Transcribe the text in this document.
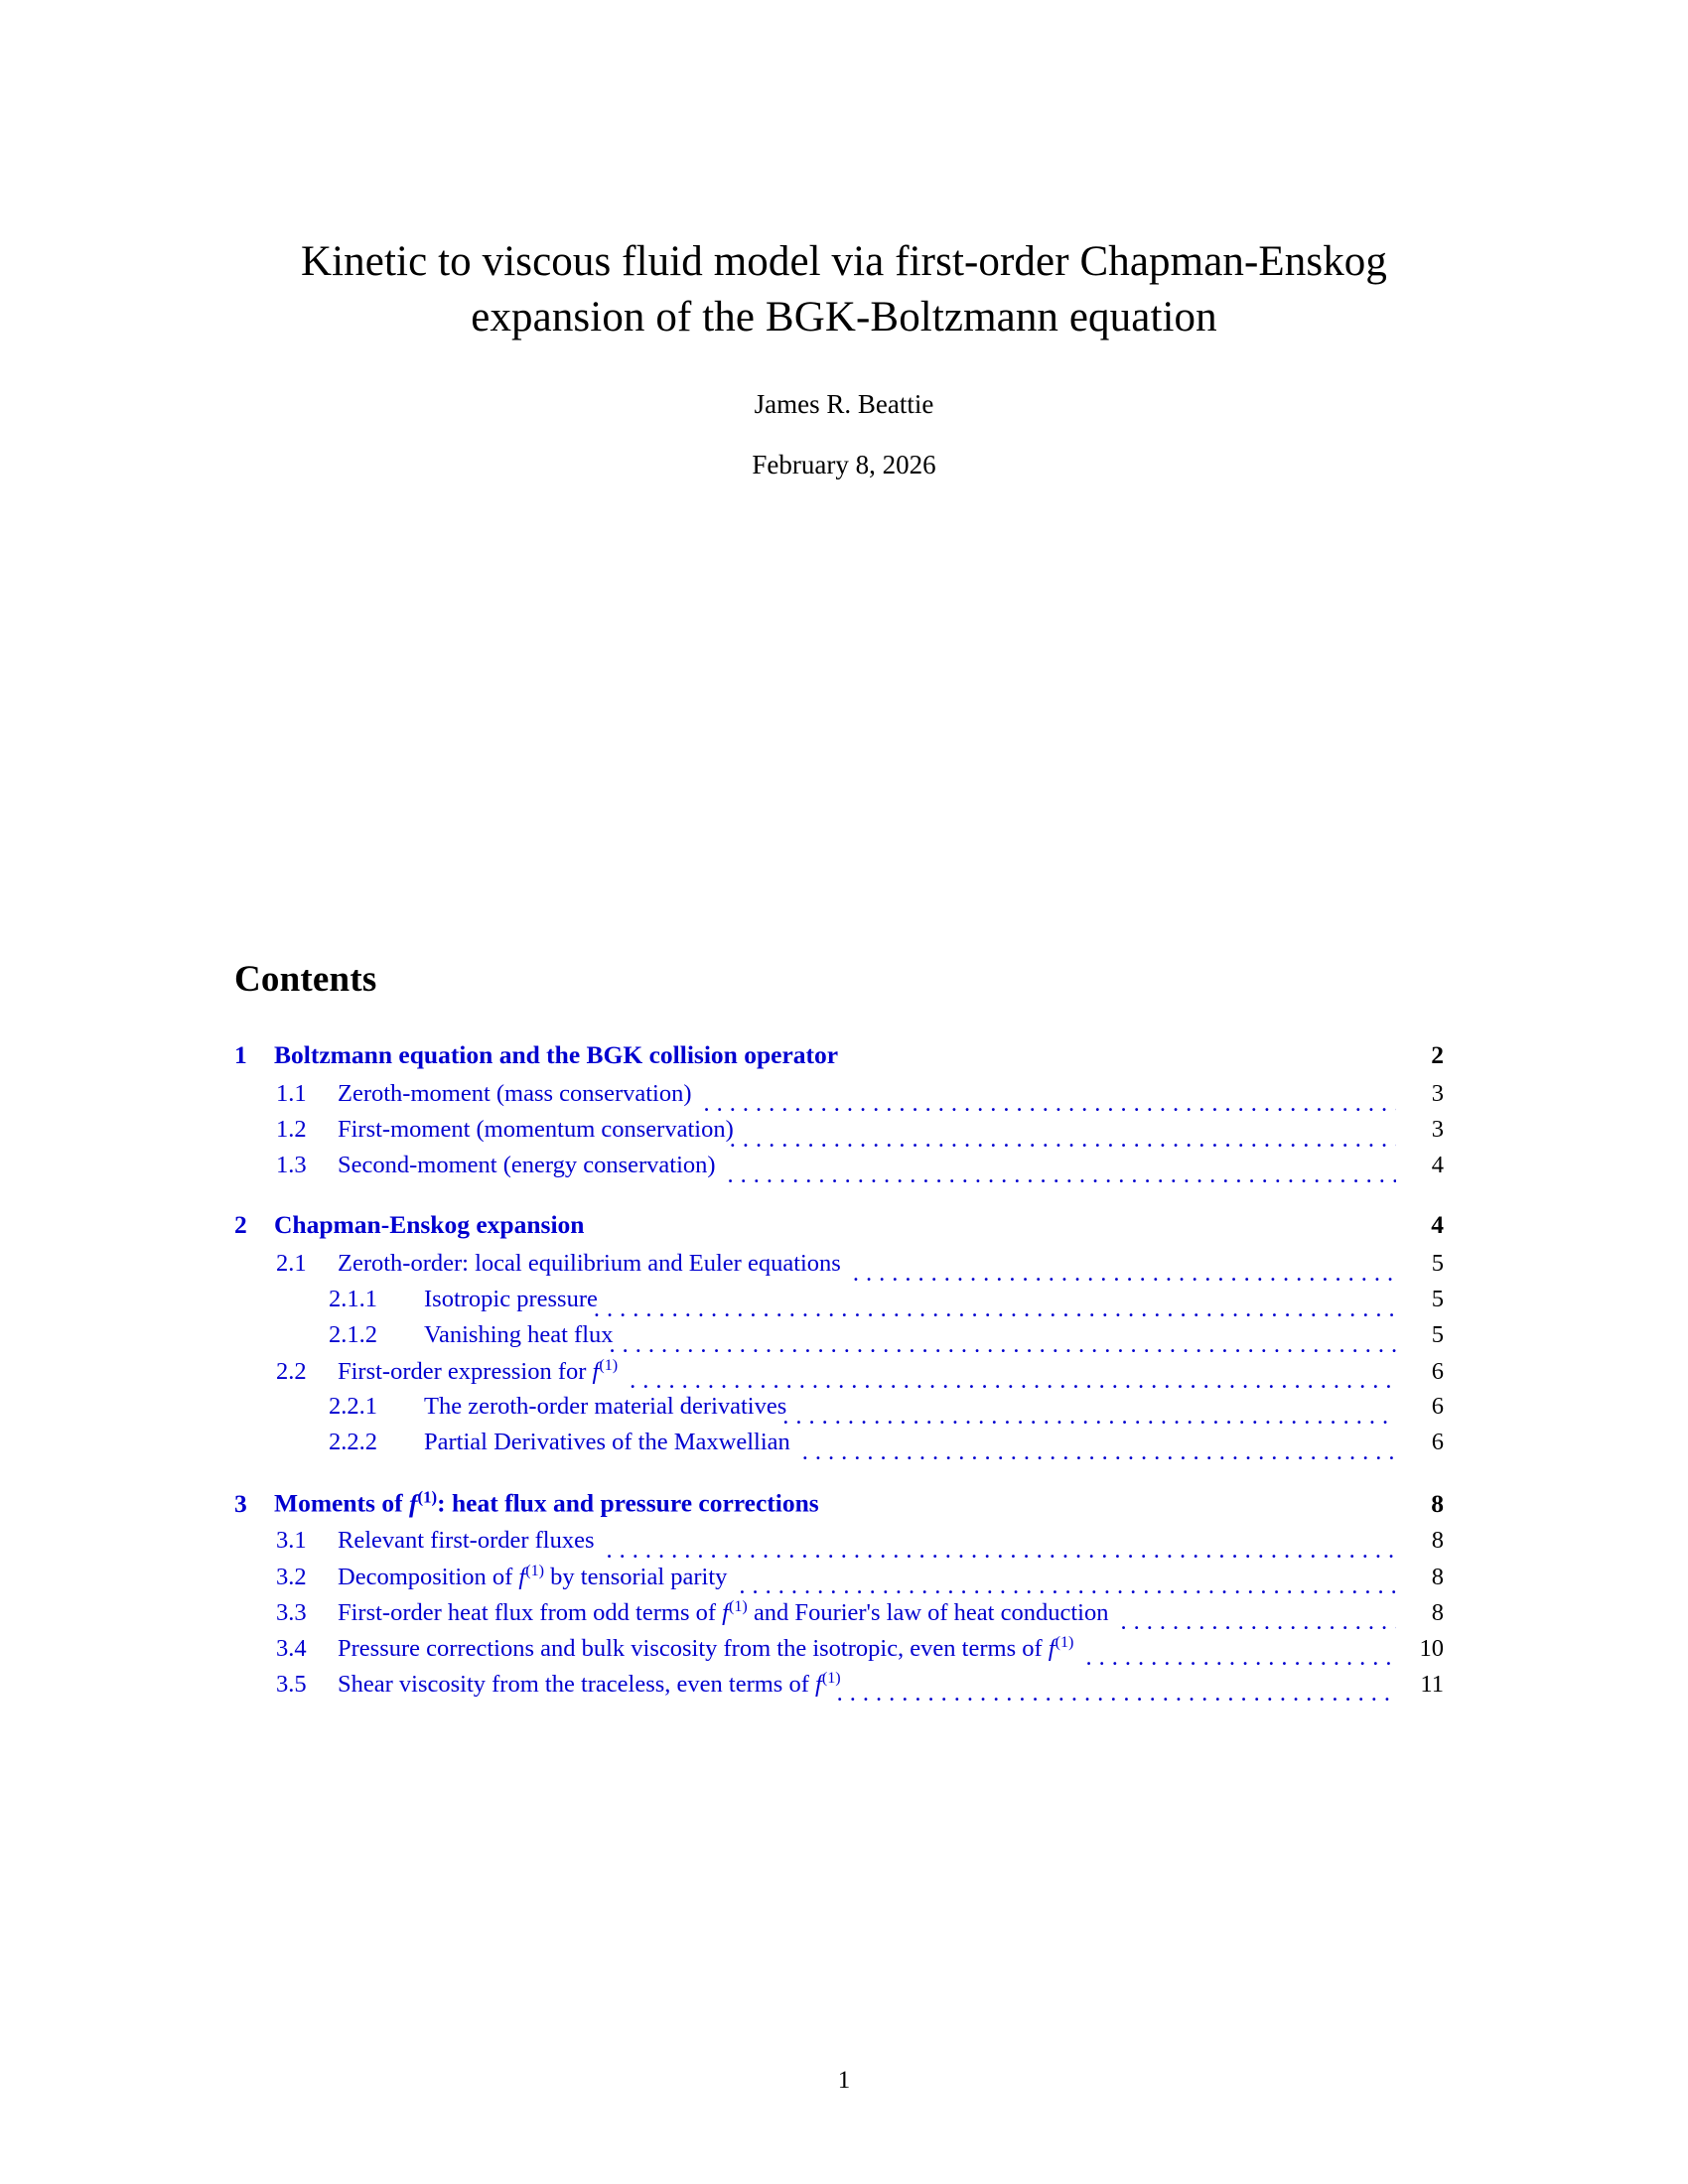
Kinetic to viscous fluid model via first-order Chapman-Enskog
expansion of the BGK-Boltzmann equation
James R. Beattie
February 8, 2026
Contents
1	Boltzmann equation and the BGK collision operator	2
1.1	Zeroth-moment (mass conservation) .....	3
1.2	First-moment (momentum conservation) .....	3
1.3	Second-moment (energy conservation) .....	4
2	Chapman-Enskog expansion	4
2.1	Zeroth-order: local equilibrium and Euler equations .....	5
2.1.1	Isotropic pressure .....	5
2.1.2	Vanishing heat flux .....	5
2.2	First-order expression for $f^{(1)}$ .....	6
2.2.1	The zeroth-order material derivatives .....	6
2.2.2	Partial Derivatives of the Maxwellian .....	6
3	Moments of $f^{(1)}$: heat flux and pressure corrections	8
3.1	Relevant first-order fluxes .....	8
3.2	Decomposition of $f^{(1)}$ by tensorial parity .....	8
3.3	First-order heat flux from odd terms of $f^{(1)}$ and Fourier's law of heat conduction .....	8
3.4	Pressure corrections and bulk viscosity from the isotropic, even terms of $f^{(1)}$ .....	10
3.5	Shear viscosity from the traceless, even terms of $f^{(1)}$ .....	11
1
